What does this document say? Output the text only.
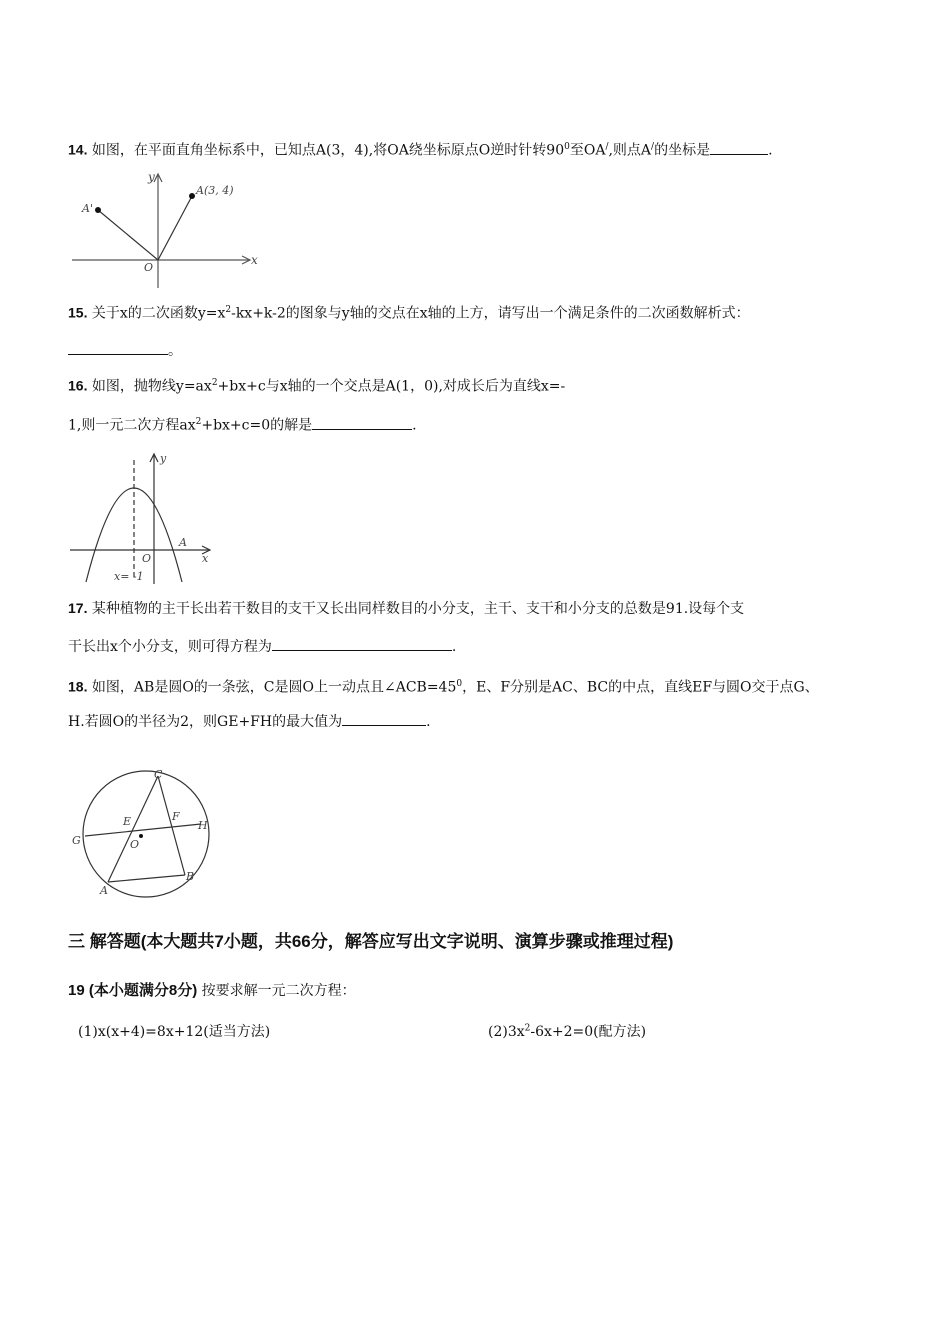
14. 如图，在平面直角坐标系中，已知点A(3，4),将OA绕坐标原点O逆时针转$90^0$至OA/,则点A/的坐标是	.
y
x
O
A(3, 4)
A'
15. 关于x的二次函数$y=x^2-kx+k-2$的图象与y轴的交点在x轴的上方，请写出一个满足条件的二次函数解析式：
。
16. 如图，抛物线$y=ax^2+bx+c$与x轴的一个交点是A(1，0),对成长后为直线x=-
1,则一元二次方程$ax^2+bx+c=0$的解是	.
y
x
O
A
x= -1
17. 某种植物的主干长出若干数目的支干又长出同样数目的小分支，主干、支干和小分支的总数是91.设每个支
干长出x个小分支，则可得方程为	.
18. 如图，AB是圆O的一条弦，C是圆O上一动点且$\angle ACB=45^0$，E、F分别是AC、BC的中点，直线EF与圆O交于点G、
H.若圆O的半径为2，则GE+FH的最大值为	.
C
E	F
G
H
O
A
B
三 解答题(本大题共7小题，共66分，解答应写出文字说明、演算步骤或推理过程)
19 (本小题满分8分) 按要求解一元二次方程：
(1)x(x+4)=8x+12(适当方法)	$(2)3x^2-6x+2=0$(配方法)
